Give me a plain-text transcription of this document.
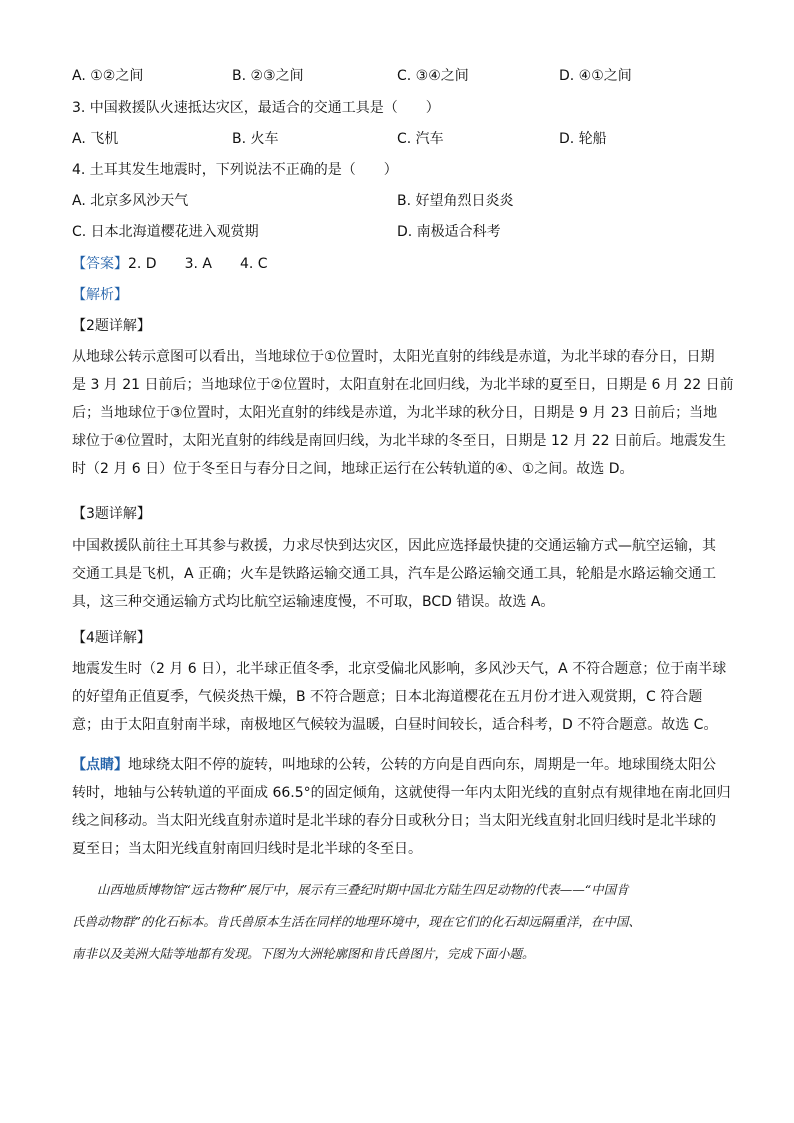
A. ①②之间	B. ②③之间	C. ③④之间	D. ④①之间
3. 中国救援队火速抵达灾区，最适合的交通工具是（　　）
A. 飞机	B. 火车	C. 汽车	D. 轮船
4. 土耳其发生地震时，下列说法不正确的是（　　）
A. 北京多风沙天气	B. 好望角烈日炎炎
C. 日本北海道樱花进入观赏期	D. 南极适合科考
【答案】2. D　　3. A　　4. C
【解析】
【2题详解】
从地球公转示意图可以看出，当地球位于①位置时，太阳光直射的纬线是赤道，为北半球的春分日，日期
是 3 月 21 日前后；当地球位于②位置时，太阳直射在北回归线，为北半球的夏至日，日期是 6 月 22 日前
后；当地球位于③位置时，太阳光直射的纬线是赤道，为北半球的秋分日，日期是 9 月 23 日前后；当地
球位于④位置时，太阳光直射的纬线是南回归线，为北半球的冬至日，日期是 12 月 22 日前后。地震发生
时（2 月 6 日）位于冬至日与春分日之间，地球正运行在公转轨道的④、①之间。故选 D。
【3题详解】
中国救援队前往土耳其参与救援，力求尽快到达灾区，因此应选择最快捷的交通运输方式—航空运输，其
交通工具是飞机，A 正确；火车是铁路运输交通工具，汽车是公路运输交通工具，轮船是水路运输交通工
具，这三种交通运输方式均比航空运输速度慢，不可取，BCD 错误。故选 A。
【4题详解】
地震发生时（2 月 6 日），北半球正值冬季，北京受偏北风影响，多风沙天气，A 不符合题意；位于南半球
的好望角正值夏季，气候炎热干燥，B 不符合题意；日本北海道樱花在五月份才进入观赏期，C 符合题
意；由于太阳直射南半球，南极地区气候较为温暖，白昼时间较长，适合科考，D 不符合题意。故选 C。
【点睛】地球绕太阳不停的旋转，叫地球的公转，公转的方向是自西向东，周期是一年。地球围绕太阳公
转时，地轴与公转轨道的平面成 66.5°的固定倾角，这就使得一年内太阳光线的直射点有规律地在南北回归
线之间移动。当太阳光线直射赤道时是北半球的春分日或秋分日；当太阳光线直射北回归线时是北半球的
夏至日；当太阳光线直射南回归线时是北半球的冬至日。
　　山西地质博物馆“远古物种”展厅中，展示有三叠纪时期中国北方陆生四足动物的代表——“中国肯
氏兽动物群”的化石标本。肯氏兽原本生活在同样的地理环境中，现在它们的化石却远隔重洋，在中国、
南非以及美洲大陆等地都有发现。下图为大洲轮廓图和肯氏兽图片，完成下面小题。
